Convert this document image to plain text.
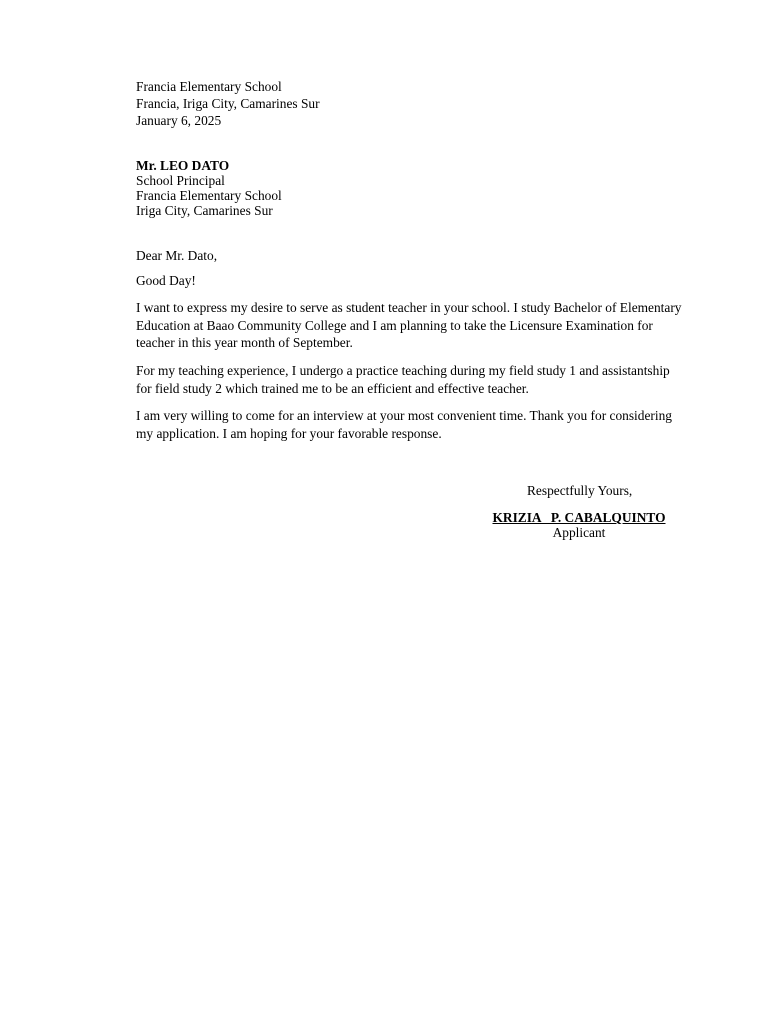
Francia Elementary School
Francia, Iriga City, Camarines Sur
January 6, 2025
Mr. LEO DATO
School Principal
Francia Elementary School
Iriga City, Camarines Sur
Dear Mr. Dato,
Good Day!
I want to express my desire to serve as student teacher in your school. I study Bachelor of Elementary Education at Baao Community College and I am planning to take the Licensure Examination for teacher in this year month of September.
For my teaching experience, I undergo a practice teaching during my field study 1 and assistantship for field study 2 which trained me to be an efficient and effective teacher.
I am very willing to come for an interview at your most convenient time. Thank you for considering my application. I am hoping for your favorable response.
Respectfully Yours,
KRIZIA   P. CABALQUINTO
Applicant
